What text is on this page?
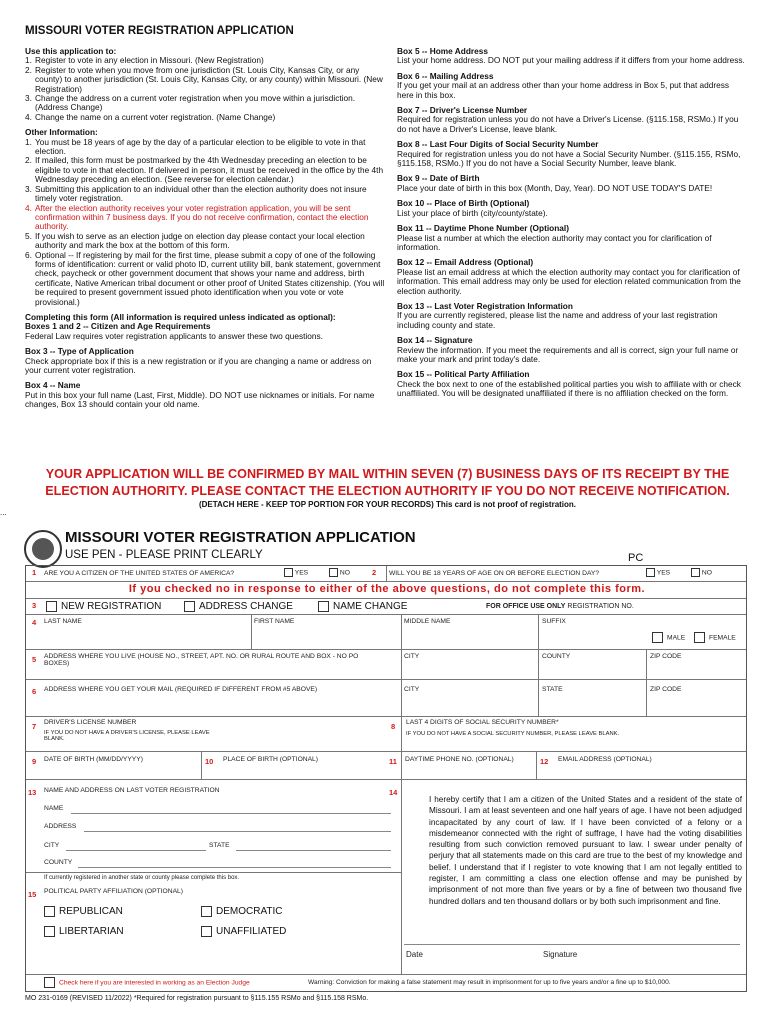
MISSOURI VOTER REGISTRATION APPLICATION
Use this application to:
1. Register to vote in any election in Missouri. (New Registration)
2. Register to vote when you move from one jurisdiction (St. Louis City, Kansas City, or any county) to another jurisdiction (St. Louis City, Kansas City, or any county) within Missouri. (New Registration)
3. Change the address on a current voter registration when you move within a jurisdiction. (Address Change)
4. Change the name on a current voter registration. (Name Change)
Other Information:
1. You must be 18 years of age by the day of a particular election to be eligible to vote in that election.
2. If mailed, this form must be postmarked by the 4th Wednesday preceding an election to be eligible to vote in that election. If delivered in person, it must be received in the office by the 4th Wednesday preceding an election. (See reverse for election calendar.)
3. Submitting this application to an individual other than the election authority does not insure timely voter registration.
4. After the election authority receives your voter registration application, you will be sent confirmation within 7 business days. If you do not receive confirmation, contact the election authority.
5. If you wish to serve as an election judge on election day please contact your local election authority and mark the box at the bottom of this form.
6. Optional -- If registering by mail for the first time, please submit a copy of one of the following forms of identification: current or valid photo ID, current utility bill, bank statement, government check, paycheck or other government document that shows your name and address, birth certificate, Native American tribal document or other proof of United States citizenship. (You will be required to present government issued photo identification when you vote or vote provisional.)
Completing this form (All information is required unless indicated as optional):
Boxes 1 and 2 -- Citizen and Age Requirements
Federal Law requires voter registration applicants to answer these two questions.
Box 3 -- Type of Application
Check appropriate box if this is a new registration or if you are changing a name or address on your current voter registration.
Box 4 -- Name
Put in this box your full name (Last, First, Middle). DO NOT use nicknames or initials. For name changes, Box 13 should contain your old name.
Box 5 -- Home Address
List your home address. DO NOT put your mailing address if it differs from your home address.
Box 6 -- Mailing Address
If you get your mail at an address other than your home address in Box 5, put that address here in this box.
Box 7 -- Driver's License Number
Required for registration unless you do not have a Driver's License. (§115.158, RSMo.) If you do not have a Driver's License, leave blank.
Box 8 -- Last Four Digits of Social Security Number
Required for registration unless you do not have a Social Security Number. (§115.155, RSMo, §115.158, RSMo.) If you do not have a Social Security Number, leave blank.
Box 9 -- Date of Birth
Place your date of birth in this box (Month, Day, Year). DO NOT USE TODAY'S DATE!
Box 10 -- Place of Birth (Optional)
List your place of birth (city/county/state).
Box 11 -- Daytime Phone Number (Optional)
Please list a number at which the election authority may contact you for clarification of information.
Box 12 -- Email Address (Optional)
Please list an email address at which the election authority may contact you for clarification of information. This email address may only be used for election related communication from the election authority.
Box 13 -- Last Voter Registration Information
If you are currently registered, please list the name and address of your last registration including county and state.
Box 14 -- Signature
Review the information. If you meet the requirements and all is correct, sign your full name or make your mark and print today's date.
Box 15 -- Political Party Affiliation
Check the box next to one of the established political parties you wish to affiliate with or check unaffiliated. You will be designated unaffiliated if there is no affiliation checked on the form.
YOUR APPLICATION WILL BE CONFIRMED BY MAIL WITHIN SEVEN (7) BUSINESS DAYS OF ITS RECEIPT BY THE ELECTION AUTHORITY. PLEASE CONTACT THE ELECTION AUTHORITY IF YOU DO NOT RECEIVE NOTIFICATION.
(DETACH HERE - KEEP TOP PORTION FOR YOUR RECORDS) This card is not proof of registration.
...
MISSOURI VOTER REGISTRATION APPLICATION
USE PEN - PLEASE PRINT CLEARLY	PC
1 ARE YOU A CITIZEN OF THE UNITED STATES OF AMERICA?	YES	NO	2 WILL YOU BE 18 YEARS OF AGE ON OR BEFORE ELECTION DAY?	YES	NO
If you checked no in response to either of the above questions, do not complete this form.
3	NEW REGISTRATION	ADDRESS CHANGE	NAME CHANGE	FOR OFFICE USE ONLY REGISTRATION NO.
4 LAST NAME	FIRST NAME	MIDDLE NAME	SUFFIX
MALE	FEMALE
5 ADDRESS WHERE YOU LIVE (HOUSE NO., STREET, APT. NO. OR RURAL ROUTE AND BOX - NO PO BOXES)
CITY	COUNTY	ZIP CODE
6 ADDRESS WHERE YOU GET YOUR MAIL (REQUIRED IF DIFFERENT FROM #5 ABOVE)	CITY	STATE	ZIP CODE
7 DRIVER'S LICENSE NUMBER
IF YOU DO NOT HAVE A DRIVER'S LICENSE, PLEASE LEAVE BLANK.
8 LAST 4 DIGITS OF SOCIAL SECURITY NUMBER*
IF YOU DO NOT HAVE A SOCIAL SECURITY NUMBER, PLEASE LEAVE BLANK.
9 DATE OF BIRTH (MM/DD/YYYY)	10 PLACE OF BIRTH (OPTIONAL)	11 DAYTIME PHONE NO. (OPTIONAL)	12 EMAIL ADDRESS (OPTIONAL)
13 NAME AND ADDRESS ON LAST VOTER REGISTRATION
NAME
ADDRESS
CITY	STATE
COUNTY
If currently registered in another state or county please complete this box.
15 POLITICAL PARTY AFFILIATION (OPTIONAL)
REPUBLICAN	DEMOCRATIC
LIBERTARIAN	UNAFFILIATED
14
I hereby certify that I am a citizen of the United States and a resident of the state of Missouri. I am at least seventeen and one half years of age. I have not been adjudged incapacitated by any court of law. If I have been convicted of a felony or a misdemeanor connected with the right of suffrage, I have had the voting disabilities resulting from such conviction removed pursuant to law. I swear under penalty of perjury that all statements made on this card are true to the best of my knowledge and belief. I understand that if I register to vote knowing that I am not legally entitled to register, I am committing a class one election offense and may be punished by imprisonment of not more than five years or by a fine of between two thousand five hundred dollars and ten thousand dollars or by both such imprisonment and fine.
Date	Signature
Check here if you are interested in working as an Election Judge	Warning: Conviction for making a false statement may result in imprisonment for up to five years and/or a fine up to $10,000.
MO 231-0169 (REVISED 11/2022) *Required for registration pursuant to §115.155 RSMo and §115.158 RSMo.
